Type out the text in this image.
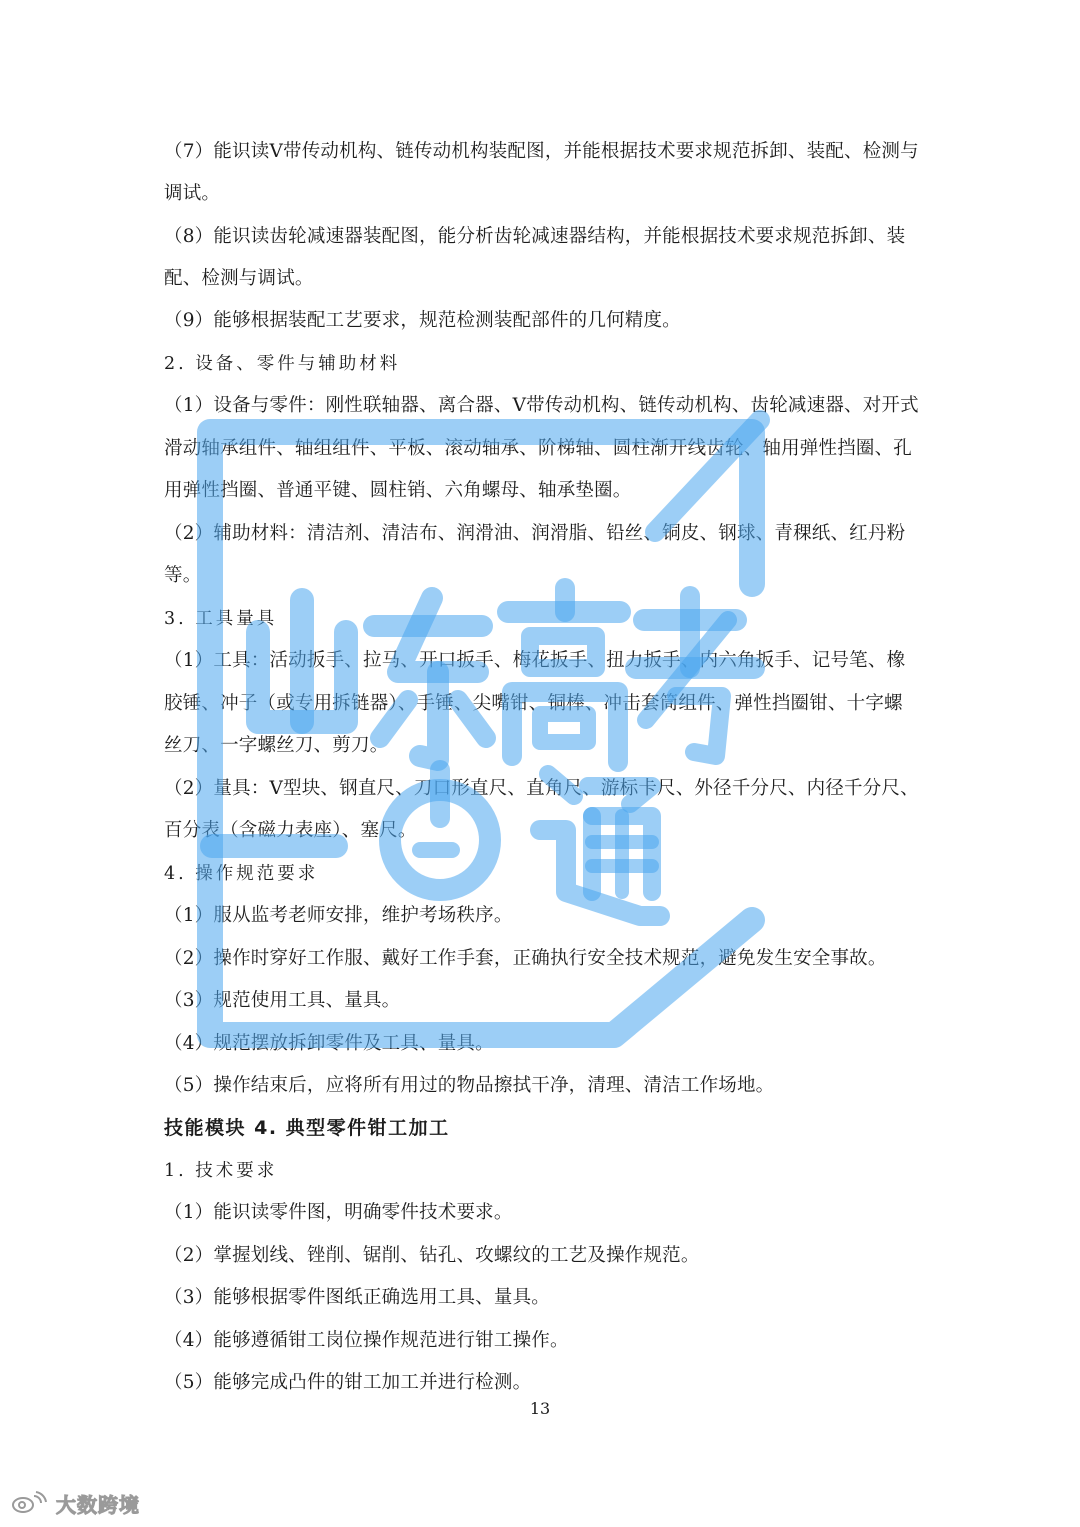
（7）能识读V带传动机构、链传动机构装配图，并能根据技术要求规范拆卸、装配、检测与
调试。
（8）能识读齿轮减速器装配图，能分析齿轮减速器结构，并能根据技术要求规范拆卸、装
配、检测与调试。
（9）能够根据装配工艺要求，规范检测装配部件的几何精度。
2. 设备、零件与辅助材料
（1）设备与零件：刚性联轴器、离合器、V带传动机构、链传动机构、齿轮减速器、对开式
滑动轴承组件、轴组组件、平板、滚动轴承、阶梯轴、圆柱渐开线齿轮、轴用弹性挡圈、孔
用弹性挡圈、普通平键、圆柱销、六角螺母、轴承垫圈。
（2）辅助材料：清洁剂、清洁布、润滑油、润滑脂、铅丝、铜皮、钢球、青稞纸、红丹粉
等。
3. 工具量具
（1）工具：活动扳手、拉马、开口扳手、梅花扳手、扭力扳手、内六角扳手、记号笔、橡
胶锤、冲子（或专用拆链器）、手锤、尖嘴钳、铜棒、冲击套筒组件、弹性挡圈钳、十字螺
丝刀、一字螺丝刀、剪刀。
（2）量具：V型块、钢直尺、刀口形直尺、直角尺、游标卡尺、外径千分尺、内径千分尺、
百分表（含磁力表座）、塞尺。
4. 操作规范要求
（1）服从监考老师安排，维护考场秩序。
（2）操作时穿好工作服、戴好工作手套，正确执行安全技术规范，避免发生安全事故。
（3）规范使用工具、量具。
（4）规范摆放拆卸零件及工具、量具。
（5）操作结束后，应将所有用过的物品擦拭干净，清理、清洁工作场地。
技能模块 4. 典型零件钳工加工
1. 技术要求
（1）能识读零件图，明确零件技术要求。
（2）掌握划线、锉削、锯削、钻孔、攻螺纹的工艺及操作规范。
（3）能够根据零件图纸正确选用工具、量具。
（4）能够遵循钳工岗位操作规范进行钳工操作。
（5）能够完成凸件的钳工加工并进行检测。
13
大数跨境
